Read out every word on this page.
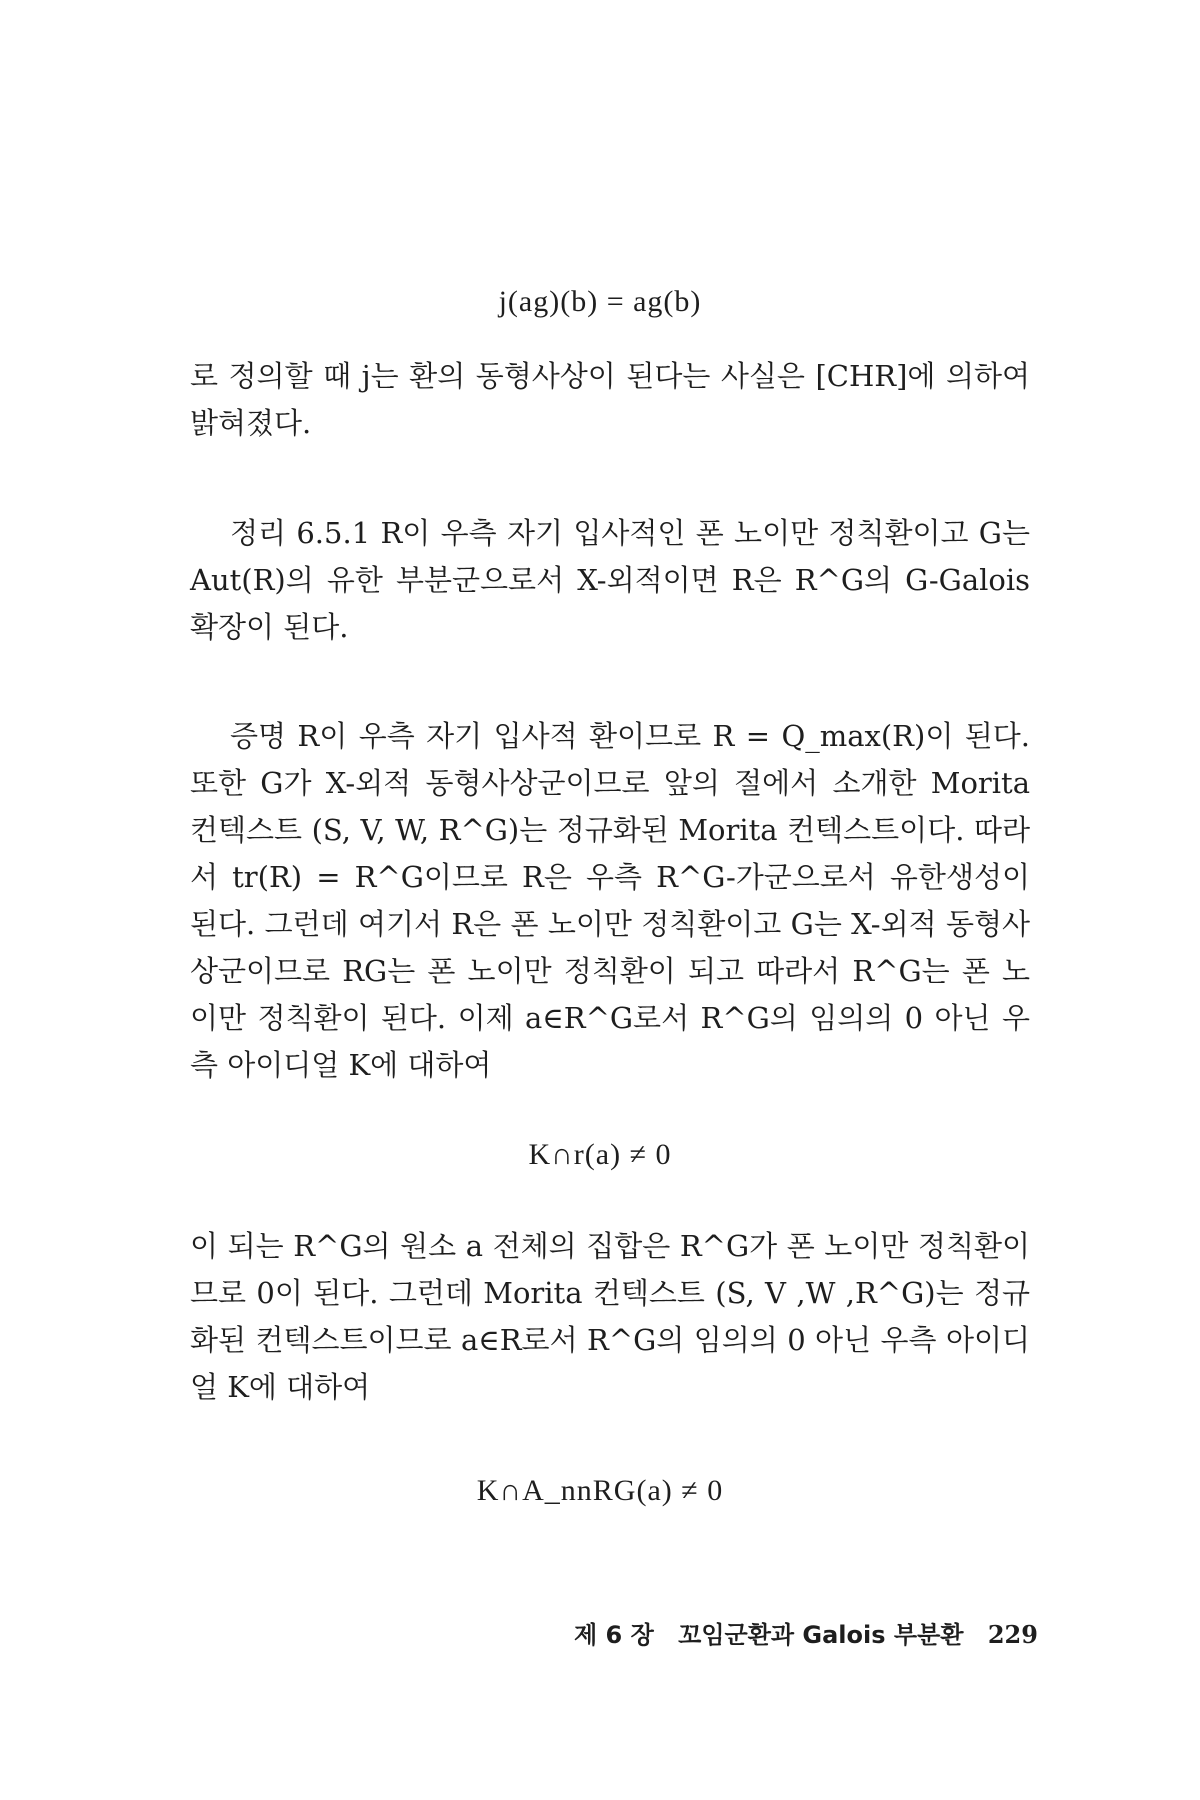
j(ag)(b) = ag(b)

로 정의할 때 j는 환의 동형사상이 된다는 사실은 [CHR]에 의하여 밝혀졌다.

정리 6.5.1 R이 우측 자기 입사적인 폰 노이만 정칙환이고 G는 Aut(R)의 유한 부분군으로서 X-외적이면 R은 R^G의 G-Galois 확장이 된다.

증명 R이 우측 자기 입사적 환이므로 R = Q_max(R)이 된다. 또한 G가 X-외적 동형사상군이므로 앞의 절에서 소개한 Morita 컨텍스트 (S, V, W, R^G)는 정규화된 Morita 컨텍스트이다. 따라서 tr(R) = R^G이므로 R은 우측 R^G-가군으로서 유한생성이 된다. 그런데 여기서 R은 폰 노이만 정칙환이고 G는 X-외적 동형사상군이므로 RG는 폰 노이만 정칙환이 되고 따라서 R^G는 폰 노이만 정칙환이 된다. 이제 a∈R^G로서 R^G의 임의의 0 아닌 우측 아이디얼 K에 대하여

K∩r(a) ≠ 0

이 되는 R^G의 원소 a 전체의 집합은 R^G가 폰 노이만 정칙환이므로 0이 된다. 그런데 Morita 컨텍스트 (S, V ,W ,R^G)는 정규화된 컨텍스트이므로 a∈R로서 R^G의 임의의 0 아닌 우측 아이디얼 K에 대하여

K∩A_nnRG(a) ≠ 0
제 6 장 꼬임군환과 Galois 부분환 229
